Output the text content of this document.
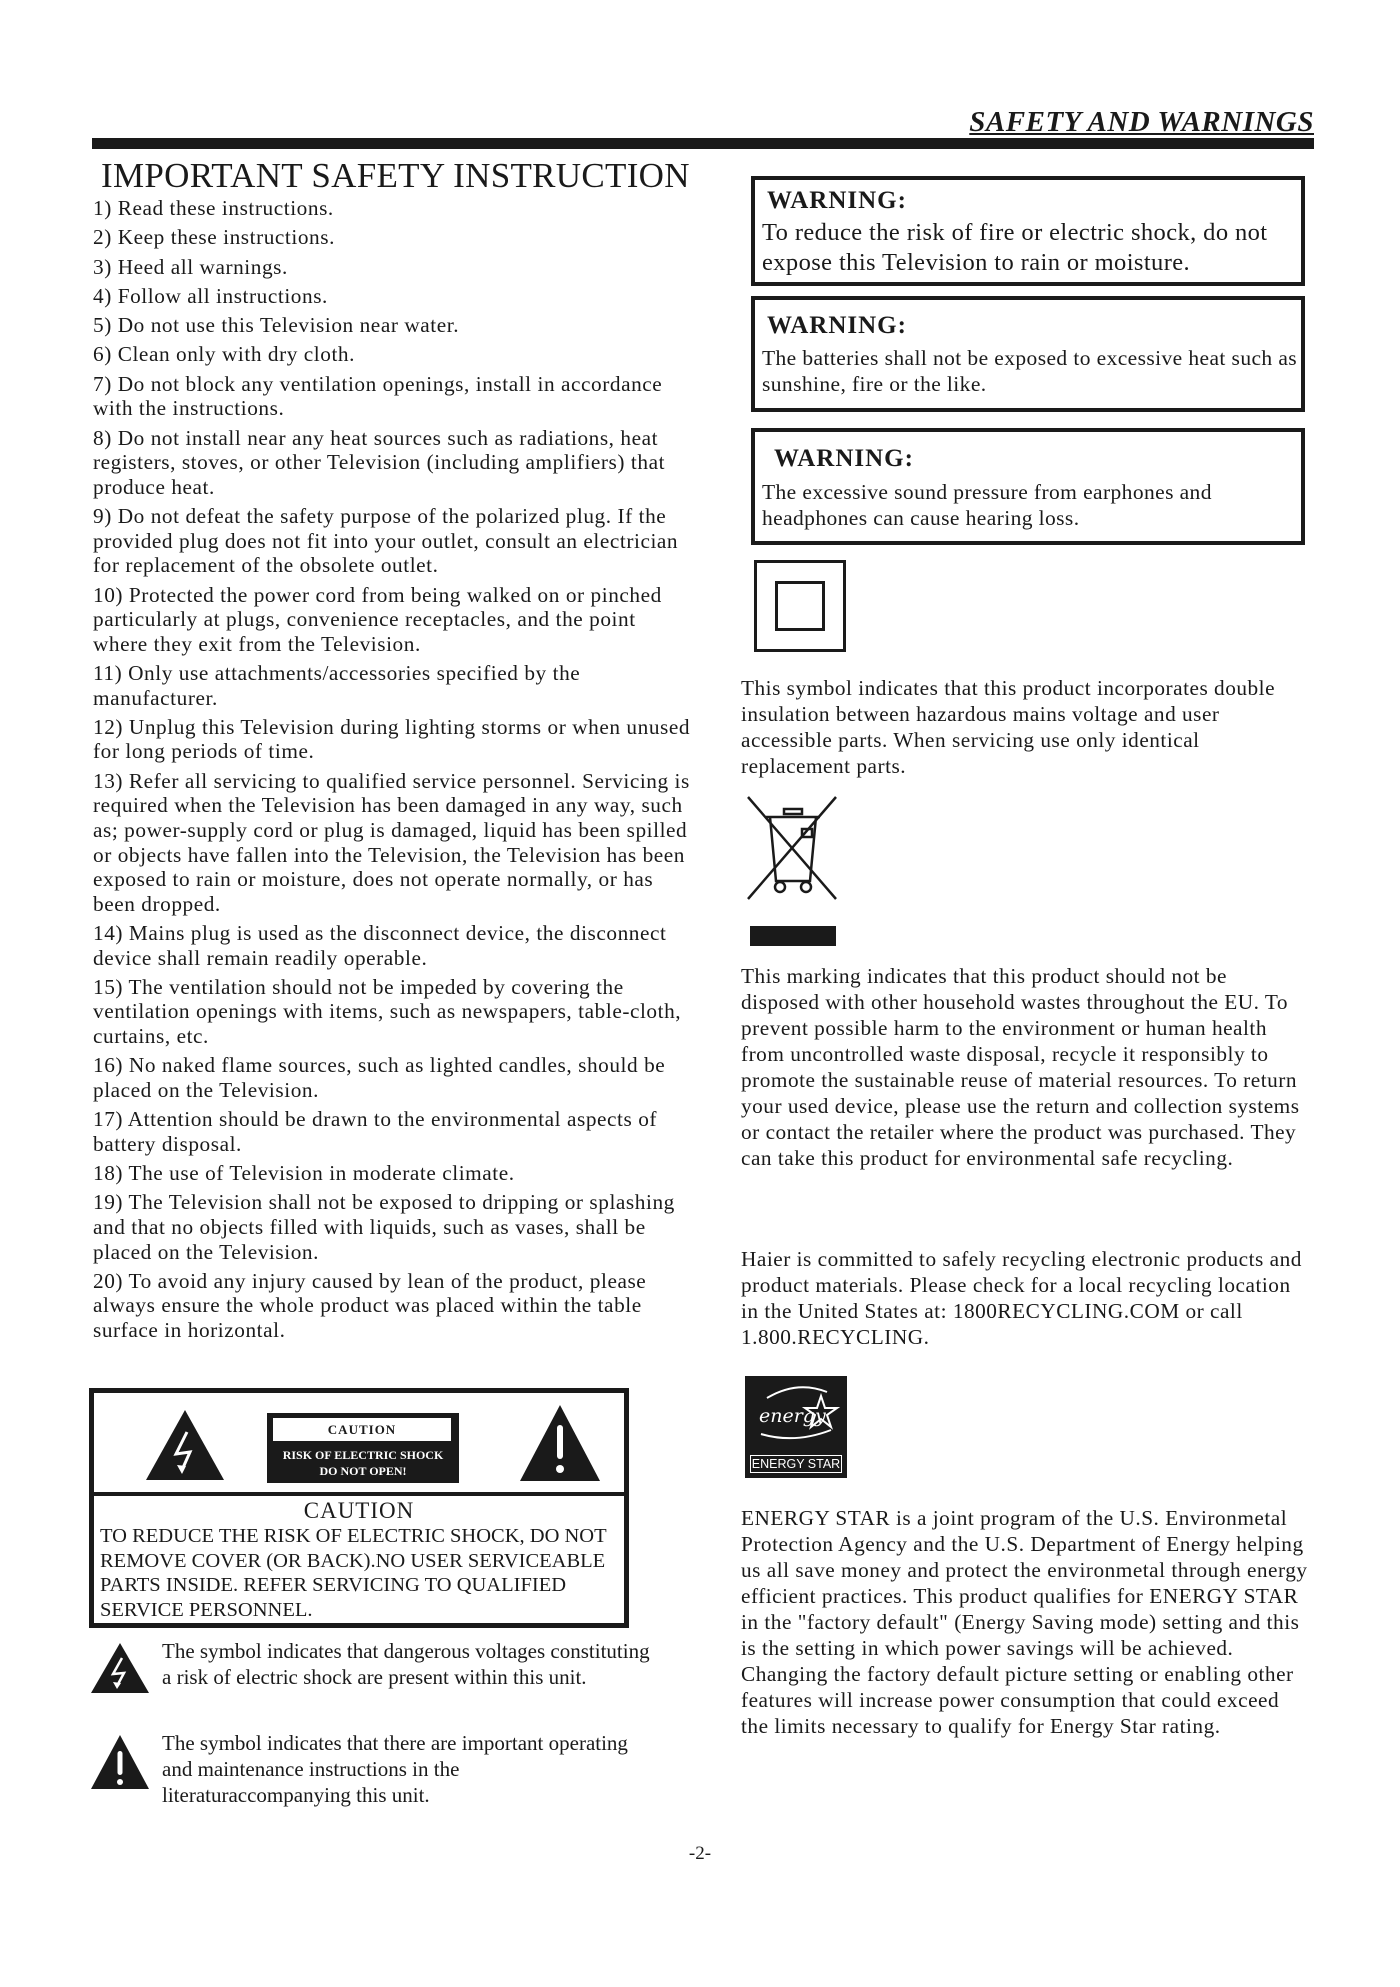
SAFETY AND WARNINGS
IMPORTANT SAFETY INSTRUCTION
1) Read these instructions.
2) Keep these instructions.
3) Heed all warnings.
4) Follow all instructions.
5) Do not use this Television near water.
6) Clean only with dry cloth.
7) Do not block any ventilation openings, install in accordance with the instructions.
8) Do not install near any heat sources such as radiations, heat registers, stoves, or other Television (including amplifiers) that produce heat.
9) Do not defeat the safety purpose of the polarized plug. If the provided plug does not fit into your outlet, consult an electrician for replacement of the obsolete outlet.
10) Protected the power cord from being walked on or pinched particularly at plugs, convenience receptacles, and the point where they exit from the Television.
11) Only use attachments/accessories specified by the manufacturer.
12) Unplug this Television during lighting storms or when unused for long periods of time.
13) Refer all servicing to qualified service personnel. Servicing is required when the Television has been damaged in any way, such as; power-supply cord or plug is damaged, liquid has been spilled or objects have fallen into the Television, the Television has been exposed to rain or moisture, does not operate normally, or has been dropped.
14) Mains plug is used as the disconnect device, the disconnect device shall remain readily operable.
15) The ventilation should not be impeded by covering the ventilation openings with items, such as newspapers, table-cloth, curtains, etc.
16) No naked flame sources, such as lighted candles, should be placed on the Television.
17) Attention should be drawn to the environmental aspects of battery disposal.
18) The use of Television in moderate climate.
19) The Television shall not be exposed to dripping or splashing and that no objects filled with liquids, such as vases, shall be placed on the Television.
20) To avoid any injury caused by lean of the product, please always ensure the whole product was placed within the table surface in horizontal.
CAUTION
RISK OF ELECTRIC SHOCK
DO NOT OPEN!
CAUTION
TO REDUCE THE RISK OF ELECTRIC SHOCK, DO NOT REMOVE COVER (OR BACK).NO USER SERVICEABLE PARTS INSIDE. REFER SERVICING TO QUALIFIED SERVICE PERSONNEL.

The symbol indicates that dangerous voltages constituting a risk of electric shock are present within this unit.

The symbol indicates that there are important operating and maintenance instructions in the literaturaccompanying this unit.

WARNING:

To reduce the risk of fire or electric shock, do not expose this Television to rain or moisture.

WARNING:

The batteries shall not be exposed to excessive heat such as sunshine, fire or the like.

WARNING:

The excessive sound pressure from earphones and headphones can cause hearing loss.

This symbol indicates that this product incorporates double insulation between hazardous mains voltage and user accessible parts. When servicing use only identical replacement parts.

This marking indicates that this product should not be disposed with other household wastes throughout the EU. To prevent possible harm to the environment or human health from uncontrolled waste disposal, recycle it responsibly to promote the sustainable reuse of material resources. To return your used device, please use the return and collection systems or contact the retailer where the product was purchased. They can take this product for environmental safe recycling.

Haier is committed to safely recycling electronic products and product materials. Please check for a local recycling location in the United States at: 1800RECYCLING.COM or call 1.800.RECYCLING.

energy
ENERGY STAR

ENERGY STAR is a joint program of the U.S. Environmetal Protection Agency and the U.S. Department of Energy helping us all save money and protect the environmetal through energy efficient practices. This product qualifies for ENERGY STAR in the "factory default" (Energy Saving mode) setting and this is the setting in which power savings will be achieved. Changing the factory default picture setting or enabling other features will increase power consumption that could exceed the limits necessary to qualify for Energy Star rating.

-2-
